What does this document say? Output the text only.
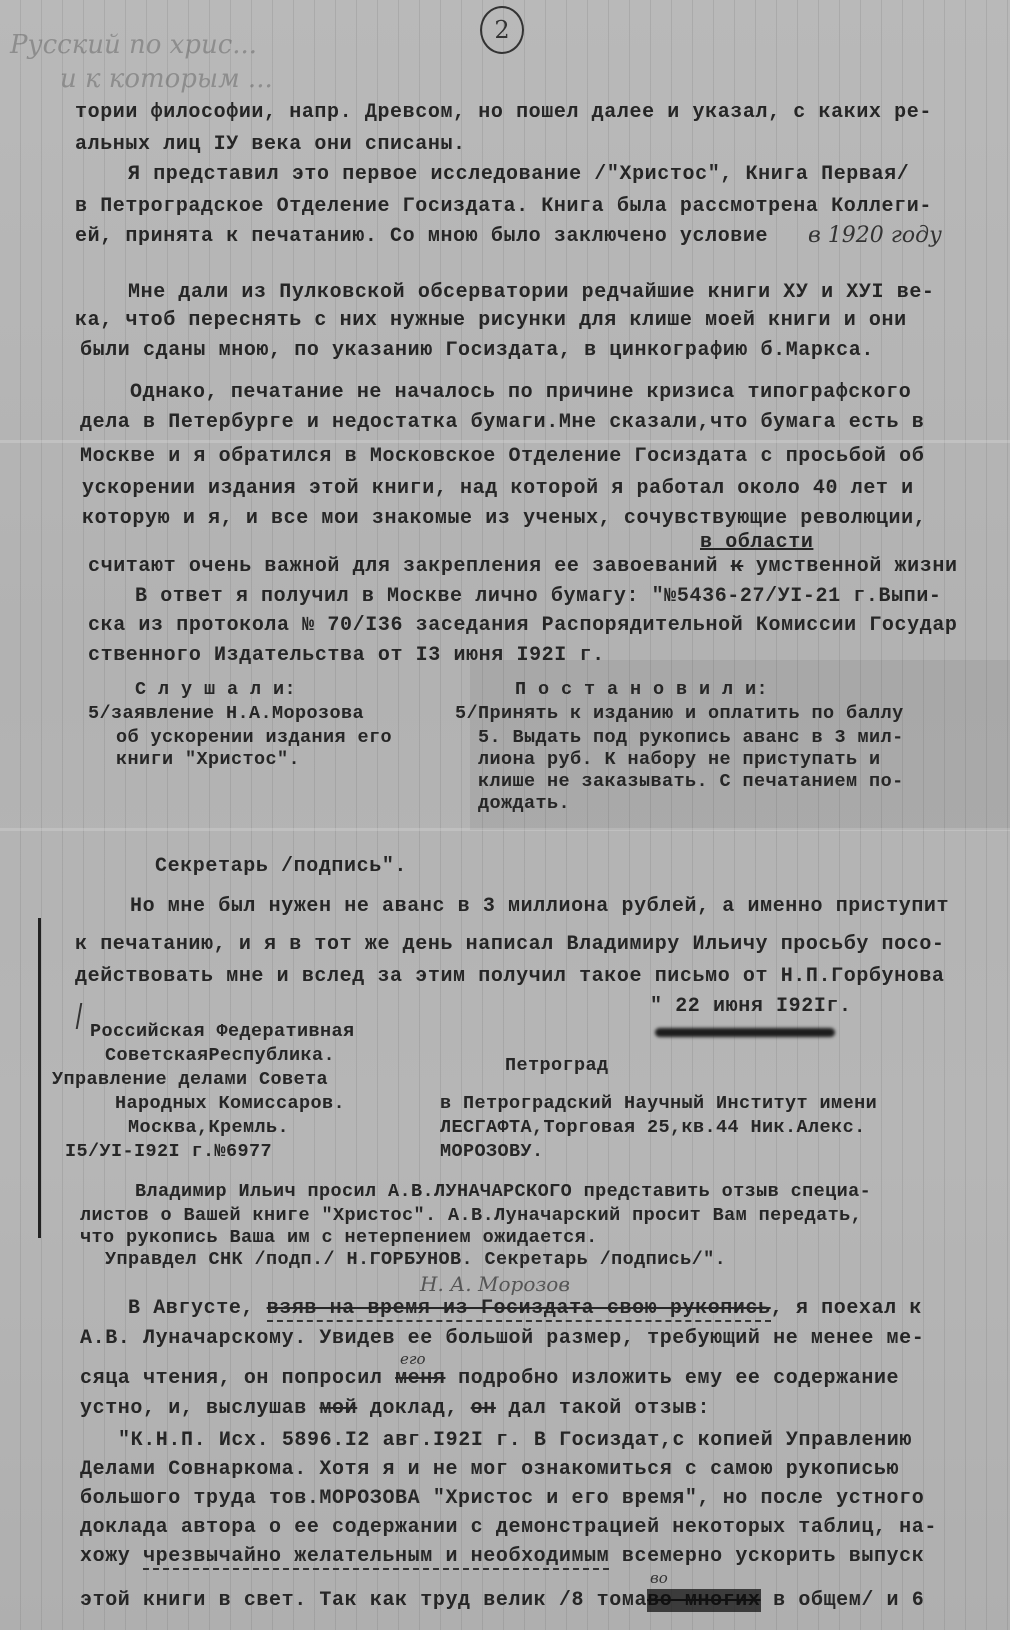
2
Русский по хрис...
и к которым ...
тории философии, напр. Древсом, но пошел далее и указал, с каких ре-
альных лиц IУ века они списаны.
Я представил это первое исследование /"Христос", Книга Первая/
в Петроградское Отделение Госиздата. Книга была рассмотрена Коллеги-
ей, принята к печатанию. Со мною было заключено условие в 1920 году
Мне дали из Пулковской обсерватории редчайшие книги ХУ и ХУI ве-
ка, чтоб переснять с них нужные рисунки для клише моей книги и они
были сданы мною, по указанию Госиздата, в цинкографию б.Маркса.
Однако, печатание не началось по причине кризиса типографского
дела в Петербурге и недостатка бумаги.Мне сказали,что бумага есть в
Москве и я обратился в Московское Отделение Госиздата с просьбой об
ускорении издания этой книги, над которой я работал около 40 лет и
которую и я, и все мои знакомые из ученых, сочувствующие революции,
в области
считают очень важной для закрепления ее завоеваний к умственной жизни
В ответ я получил в Москве лично бумагу: "№5436-27/УI-21 г.Выпи-
ска из протокола № 70/I36 заседания Распорядительной Комиссии Государ
ственного Издательства от I3 июня I92I г.
С л у ш а л и:
5/заявление Н.А.Морозова
об ускорении издания его
книги "Христос".
П о с т а н о в и л и:
5/Принять к изданию и оплатить по баллу
5. Выдать под рукопись аванс в 3 мил-
лиона руб. К набору не приступать и
клише не заказывать. С печатанием по-
дождать.
Секретарь /подпись".
Но мне был нужен не аванс в 3 миллиона рублей, а именно приступит
к печатанию, и я в тот же день написал Владимиру Ильичу просьбу посо-
действовать мне и вслед за этим получил такое письмо от Н.П.Горбунова
" 22 июня I92Iг.
Российская Федеративная
СоветскаяРеспублика.
Управление делами Совета
Народных Комиссаров.
Москва,Кремль.
I5/УI-I92I г.№6977
Петроград
в Петроградский Научный Институт имени
ЛЕСГАФТА,Торговая 25,кв.44 Ник.Алекс.
МОРОЗОВУ.
Владимир Ильич просил А.В.ЛУНАЧАРСКОГО представить отзыв специа-
листов о Вашей книге "Христос". А.В.Луначарский просит Вам передать,
что рукопись Ваша им с нетерпением ожидается.
Управдел СНК /подп./ Н.ГОРБУНОВ. Секретарь /подпись/".
Н. А. Морозов
В Августе, взяв на время из Госиздата свою рукопись, я поехал к
А.В. Луначарскому. Увидев ее большой размер, требующий не менее ме-
его
сяца чтения, он попросил меня подробно изложить ему ее содержание
устно, и, выслушав мой доклад, он дал такой отзыв:
"К.Н.П. Исх. 5896.I2 авг.I92I г. В Госиздат,с копией Управлению
Делами Совнаркома. Хотя я и не мог ознакомиться с самою рукописью
большого труда тов.МОРОЗОВА "Христос и его время", но после устного
доклада автора о ее содержании с демонстрацией некоторых таблиц, на-
хожу чрезвычайно желательным и необходимым всемерно ускорить выпуск
во
этой книги в свет. Так как труд велик /8 томаво многих в общем/ и 6
